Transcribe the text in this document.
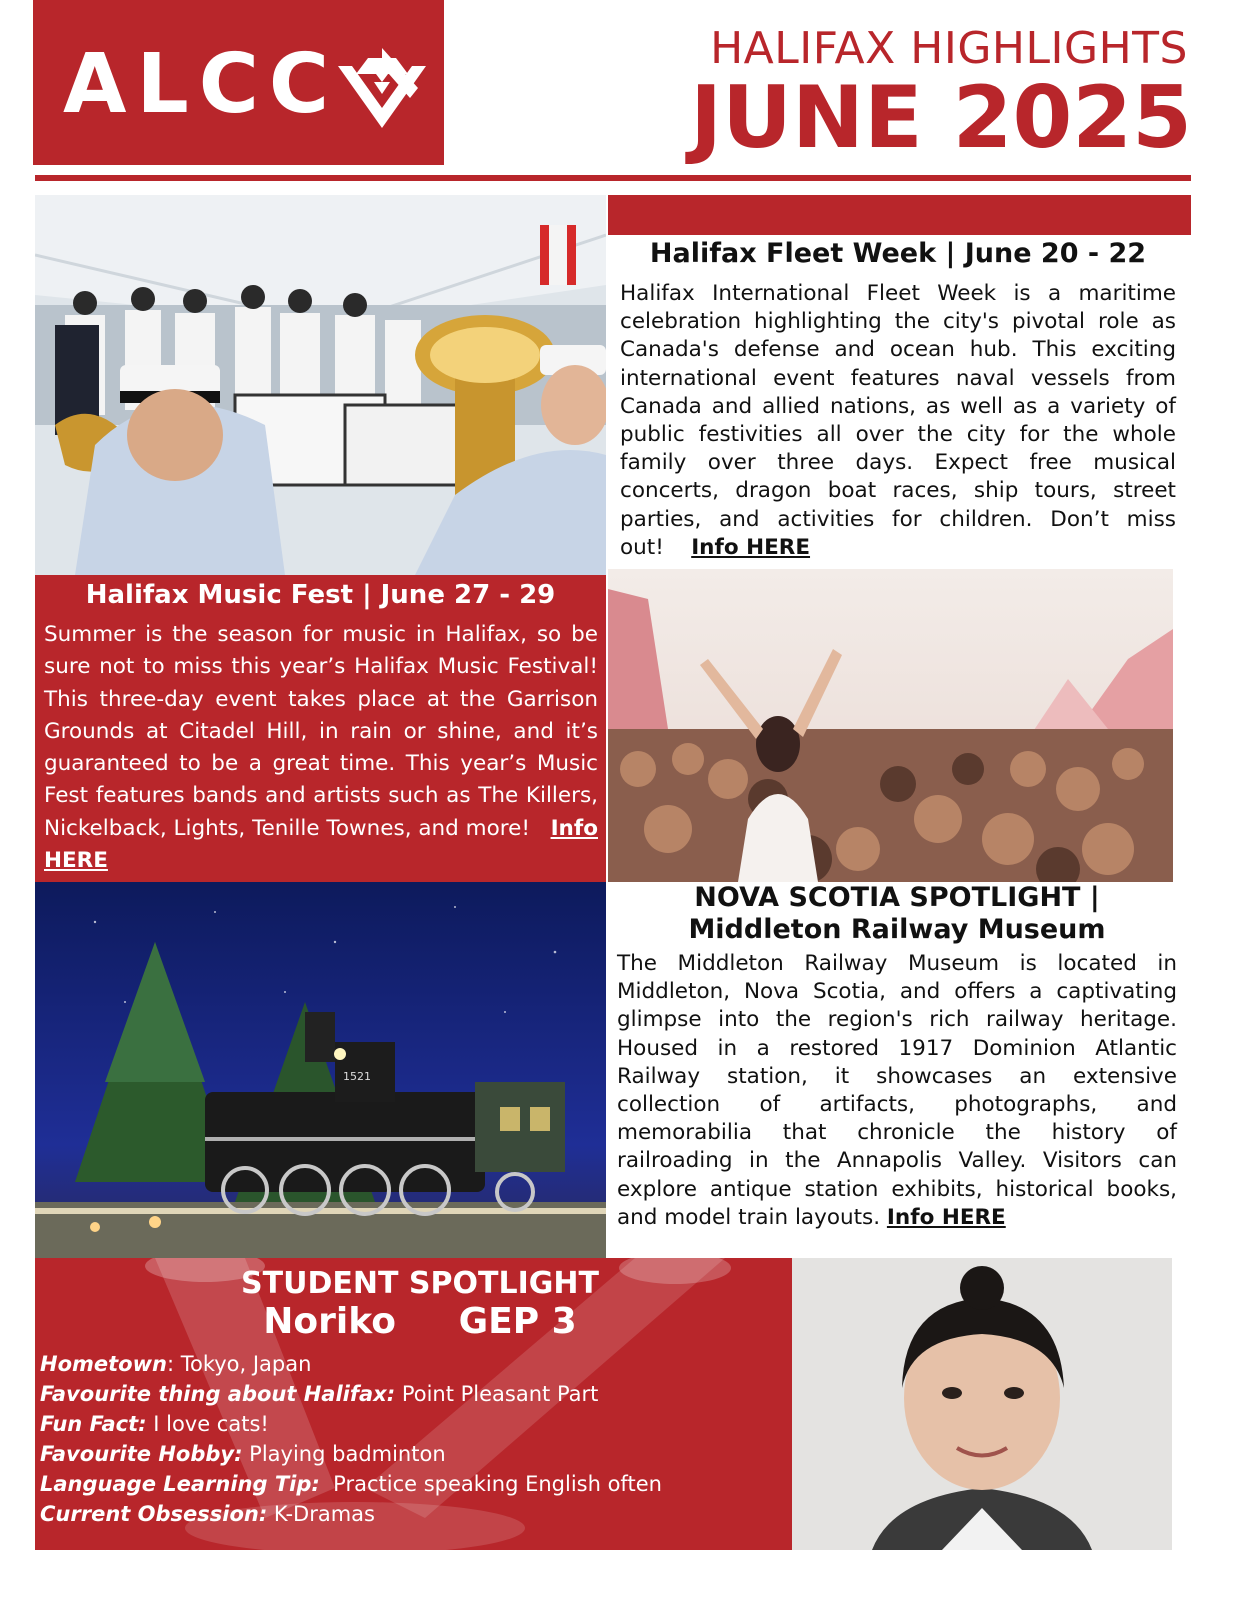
ALCC	HALIFAX HIGHLIGHTS
JUNE 2025
Halifax Fleet Week | June 20 - 22
Halifax International Fleet Week is a maritime celebration highlighting the city's pivotal role as Canada's defense and ocean hub. This exciting international event features naval vessels from Canada and allied nations, as well as a variety of public festivities all over the city for the whole family over three days. Expect free musical concerts, dragon boat races, ship tours, street parties, and activities for children. Don’t miss out! Info HERE
Halifax Music Fest | June 27 - 29
Summer is the season for music in Halifax, so be sure not to miss this year’s Halifax Music Festival! This three-day event takes place at the Garrison Grounds at Citadel Hill, in rain or shine, and it’s guaranteed to be a great time. This year’s Music Fest features bands and artists such as The Killers, Nickelback, Lights, Tenille Townes, and more! Info HERE
1521
NOVA SCOTIA SPOTLIGHT |
Middleton Railway Museum
The Middleton Railway Museum is located in Middleton, Nova Scotia, and offers a captivating glimpse into the region's rich railway heritage. Housed in a restored 1917 Dominion Atlantic Railway station, it showcases an extensive collection of artifacts, photographs, and memorabilia that chronicle the history of railroading in the Annapolis Valley. Visitors can explore antique station exhibits, historical books, and model train layouts. Info HERE
STUDENT SPOTLIGHT
Noriko GEP 3
Hometown: Tokyo, Japan
Favourite thing about Halifax: Point Pleasant Part
Fun Fact: I love cats!
Favourite Hobby: Playing badminton
Language Learning Tip: Practice speaking English often
Current Obsession: K-Dramas
